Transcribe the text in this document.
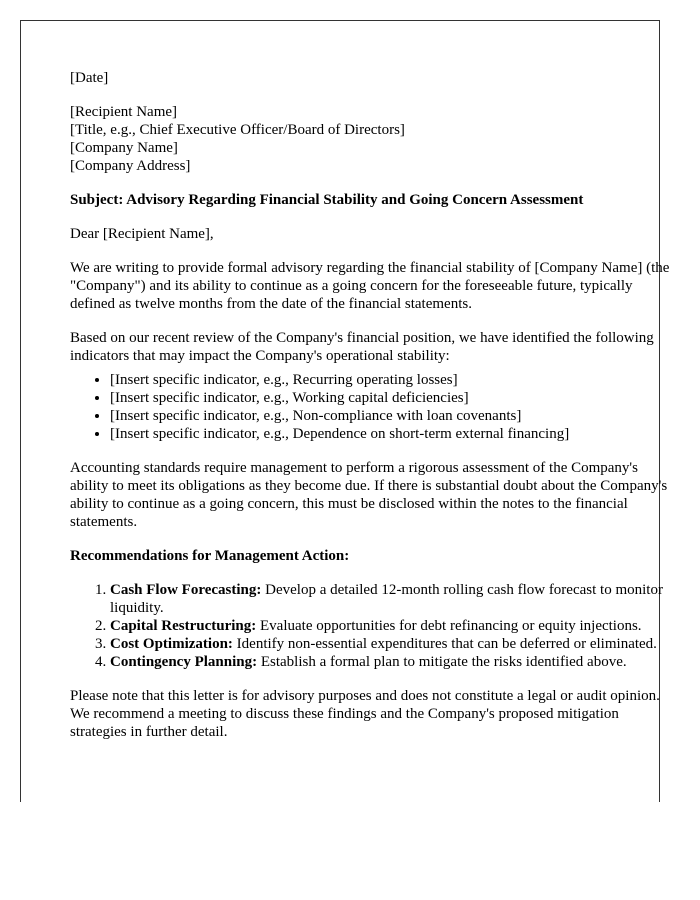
[Date]

[Recipient Name]
[Title, e.g., Chief Executive Officer/Board of Directors]
[Company Name]
[Company Address]

Subject: Advisory Regarding Financial Stability and Going Concern Assessment

Dear [Recipient Name],

We are writing to provide formal advisory regarding the financial stability of [Company Name] (the "Company") and its ability to continue as a going concern for the foreseeable future, typically defined as twelve months from the date of the financial statements.

Based on our recent review of the Company's financial position, we have identified the following indicators that may impact the Company's operational stability:

• [Insert specific indicator, e.g., Recurring operating losses]
• [Insert specific indicator, e.g., Working capital deficiencies]
• [Insert specific indicator, e.g., Non-compliance with loan covenants]
• [Insert specific indicator, e.g., Dependence on short-term external financing]

Accounting standards require management to perform a rigorous assessment of the Company's ability to meet its obligations as they become due. If there is substantial doubt about the Company's ability to continue as a going concern, this must be disclosed within the notes to the financial statements.

Recommendations for Management Action:
1. Cash Flow Forecasting: Develop a detailed 12-month rolling cash flow forecast to monitor liquidity.
2. Capital Restructuring: Evaluate opportunities for debt refinancing or equity injections.
3. Cost Optimization: Identify non-essential expenditures that can be deferred or eliminated.
4. Contingency Planning: Establish a formal plan to mitigate the risks identified above.

Please note that this letter is for advisory purposes and does not constitute a legal or audit opinion. We recommend a meeting to discuss these findings and the Company's proposed mitigation strategies in further detail.
